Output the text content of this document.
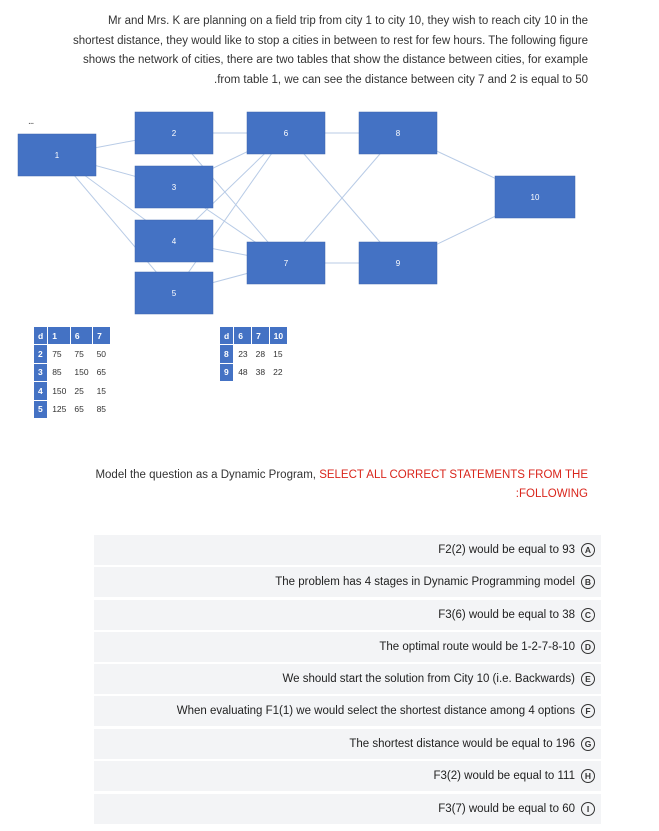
Mr and Mrs. K are planning on a field trip from city 1 to city 10, they wish to reach city 10 in the
shortest distance, they would like to stop a cities in between to rest for few hours. The following figure
shows the network of cities, there are two tables that show the distance between cities, for example
.from table 1, we can see the distance between city 7 and 2 is equal to 50
...
1
2
3
4
5
6
7
8
9
10
d	1	6	7
2	75	75	50
3	85	150	65
4	150	25	15
5	125	65	85
d	6	7	10
8	23	28	15
9	48	38	22
Model the question as a Dynamic Program, SELECT ALL CORRECT STATEMENTS FROM THE
:FOLLOWING
F2(2) would be equal to 93	A
The problem has 4 stages in Dynamic Programming model	B
F3(6) would be equal to 38	C
The optimal route would be 1-2-7-8-10	D
We should start the solution from City 10 (i.e. Backwards)	E
When evaluating F1(1) we would select the shortest distance among 4 options	F
The shortest distance would be equal to 196	G
F3(2) would be equal to 111	H
F3(7) would be equal to 60	I
